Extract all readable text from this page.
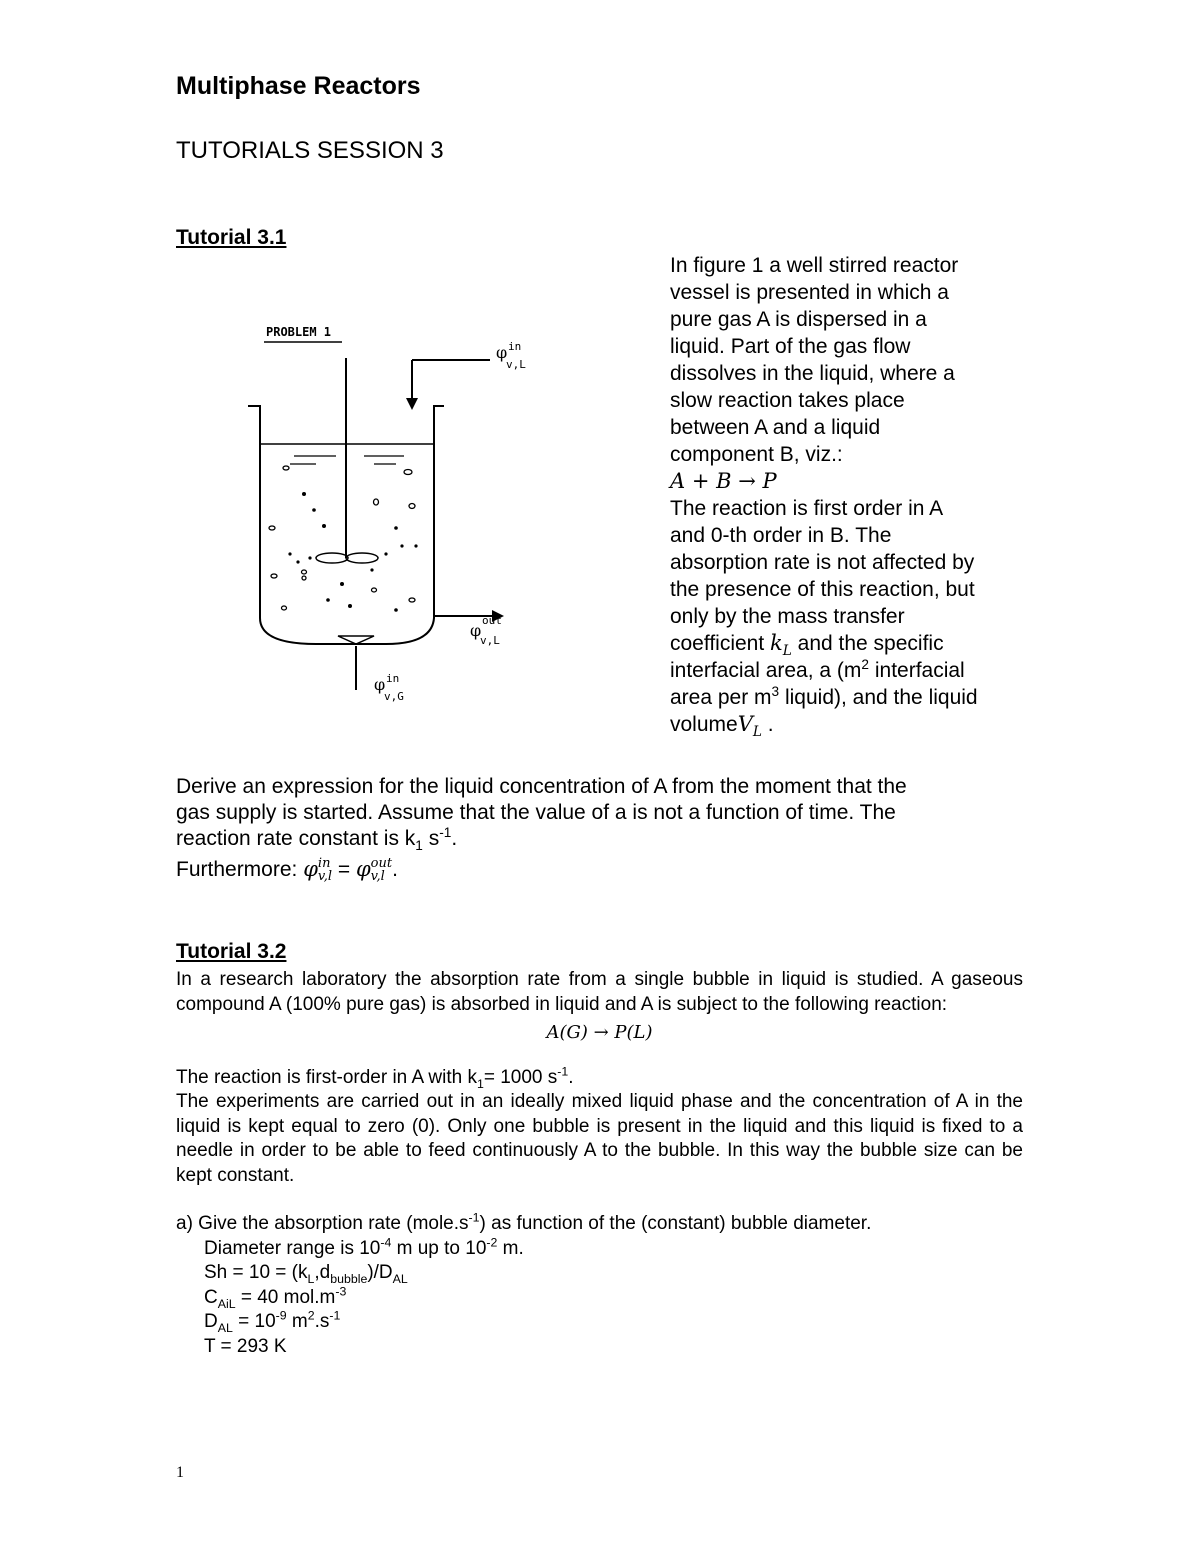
Multiphase Reactors
TUTORIALS SESSION 3
Tutorial 3.1
PROBLEM 1
φ in
v,L
φ
out
v,L
φ in
v,G
In figure 1 a well stirred reactor
vessel is presented in which a
pure gas A is dispersed in a
liquid. Part of the gas flow
dissolves in the liquid, where a
slow reaction takes place
between A and a liquid
component B, viz.:
A + B → P
The reaction is first order in A
and 0-th order in B. The
absorption rate is not affected by
the presence of this reaction, but
only by the mass transfer
coefficient $k_L$ and the specific
interfacial area, a ($m^2$ interfacial
area per $m^3$ liquid), and the liquid
volumeV$_L$ .
Derive an expression for the liquid concentration of A from the moment that the
gas supply is started. Assume that the value of a is not a function of time. The
reaction rate constant is $k_1$ $s^{-1}$.
Furthermore: φ in
v,l = φ out
v,l .
Tutorial 3.2

In a research laboratory the absorption rate from a single bubble in liquid is studied. A gaseous compound A (100% pure gas) is absorbed in liquid and A is subject to the following reaction:

A(G) → P(L)

The reaction is first-order in A with $k_1= 1000$ $s^{-1}$.

The experiments are carried out in an ideally mixed liquid phase and the concentration of A in the liquid is kept equal to zero (0). Only one bubble is present in the liquid and this liquid is fixed to a needle in order to be able to feed continuously A to the bubble. In this way the bubble size can be kept constant.

a) Give the absorption rate $(mole.s^{-1})$ as function of the (constant) bubble diameter.

Diameter range is $10^{-4}$ m up to $10^{-2}$ m.

$Sh = 10 = (k_L,d_{bubble})/D_{AL}$

$C_{AiL} = 40$ $mol.m^{-3}$

$D_{AL} = 10^{-9}$ $m^2.s^{-1}$

T = 293 K

1
